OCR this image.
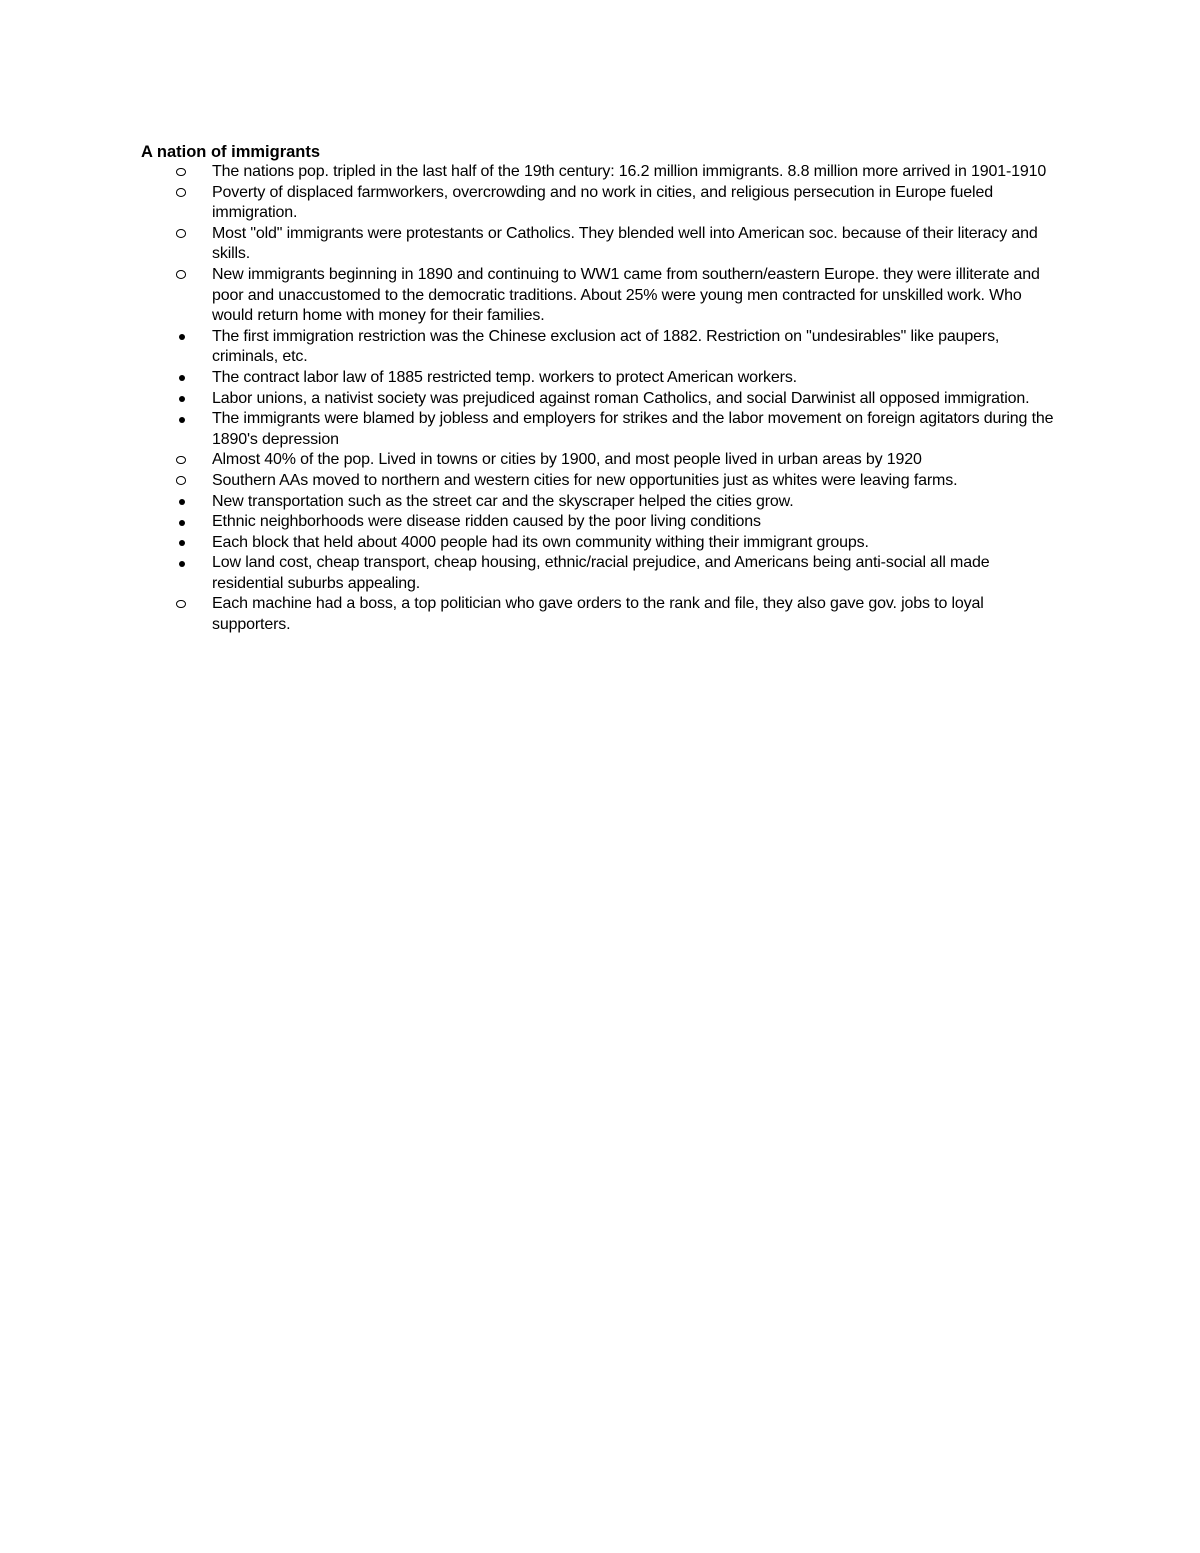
A nation of immigrants
The nations pop. tripled in the last half of the 19th century: 16.2 million immigrants. 8.8 million more arrived in 1901-1910
Poverty of displaced farmworkers, overcrowding and no work in cities, and religious persecution in Europe fueled immigration.
Most "old" immigrants were protestants or Catholics. They blended well into American soc. because of their literacy and skills.
New immigrants beginning in 1890 and continuing to WW1 came from southern/eastern Europe. they were illiterate and poor and unaccustomed to the democratic traditions. About 25% were young men contracted for unskilled work. Who would return home with money for their families.
The first immigration restriction was the Chinese exclusion act of 1882. Restriction on "undesirables" like paupers, criminals, etc.
The contract labor law of 1885 restricted temp. workers to protect American workers.
Labor unions, a nativist society was prejudiced against roman Catholics, and social Darwinist all opposed immigration.
The immigrants were blamed by jobless and employers for strikes and the labor movement on foreign agitators during the 1890's depression
Almost 40% of the pop. Lived in towns or cities by 1900, and most people lived in urban areas by 1920
Southern AAs moved to northern and western cities for new opportunities just as whites were leaving farms.
New transportation such as the street car and the skyscraper helped the cities grow.
Ethnic neighborhoods were disease ridden caused by the poor living conditions
Each block that held about 4000 people had its own community withing their immigrant groups.
Low land cost, cheap transport, cheap housing, ethnic/racial prejudice, and Americans being anti-social all made residential suburbs appealing.
Each machine had a boss, a top politician who gave orders to the rank and file, they also gave gov. jobs to loyal supporters.
